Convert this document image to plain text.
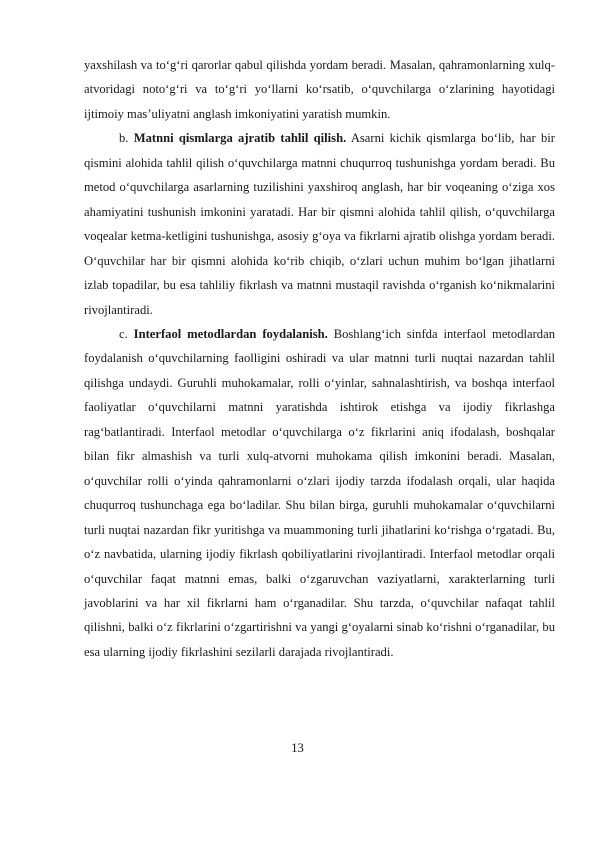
yaxshilash va to‘g‘ri qarorlar qabul qilishda yordam beradi. Masalan, qahramonlarning xulq-atvoridagi noto‘g‘ri va to‘g‘ri yo‘llarni ko‘rsatib, o‘quvchilarga o‘zlarining hayotidagi ijtimoiy mas’uliyatni anglash imkoniyatini yaratish mumkin.

b. Matnni qismlarga ajratib tahlil qilish. Asarni kichik qismlarga bo‘lib, har bir qismini alohida tahlil qilish o‘quvchilarga matnni chuqurroq tushunishga yordam beradi. Bu metod o‘quvchilarga asarlarning tuzilishini yaxshiroq anglash, har bir voqeaning o‘ziga xos ahamiyatini tushunish imkonini yaratadi. Har bir qismni alohida tahlil qilish, o‘quvchilarga voqealar ketma-ketligini tushunishga, asosiy g‘oya va fikrlarni ajratib olishga yordam beradi. O‘quvchilar har bir qismni alohida ko‘rib chiqib, o‘zlari uchun muhim bo‘lgan jihatlarni izlab topadilar, bu esa tahliliy fikrlash va matnni mustaqil ravishda o‘rganish ko‘nikmalarini rivojlantiradi.

c. Interfaol metodlardan foydalanish. Boshlang‘ich sinfda interfaol metodlardan foydalanish o‘quvchilarning faolligini oshiradi va ular matnni turli nuqtai nazardan tahlil qilishga undaydi. Guruhli muhokamalar, rolli o‘yinlar, sahnalashtirish, va boshqa interfaol faoliyatlar o‘quvchilarni matnni yaratishda ishtirok etishga va ijodiy fikrlashga rag‘batlantiradi. Interfaol metodlar o‘quvchilarga o‘z fikrlarini aniq ifodalash, boshqalar bilan fikr almashish va turli xulq-atvorni muhokama qilish imkonini beradi. Masalan, o‘quvchilar rolli o‘yinda qahramonlarni o‘zlari ijodiy tarzda ifodalash orqali, ular haqida chuqurroq tushunchaga ega bo‘ladilar. Shu bilan birga, guruhli muhokamalar o‘quvchilarni turli nuqtai nazardan fikr yuritishga va muammoning turli jihatlarini ko‘rishga o‘rgatadi. Bu, o‘z navbatida, ularning ijodiy fikrlash qobiliyatlarini rivojlantiradi. Interfaol metodlar orqali o‘quvchilar faqat matnni emas, balki o‘zgaruvchan vaziyatlarni, xarakterlarning turli javoblarini va har xil fikrlarni ham o‘rganadilar. Shu tarzda, o‘quvchilar nafaqat tahlil qilishni, balki o‘z fikrlarini o‘zgartirishni va yangi g‘oyalarni sinab ko‘rishni o‘rganadilar, bu esa ularning ijodiy fikrlashini sezilarli darajada rivojlantiradi.

13
